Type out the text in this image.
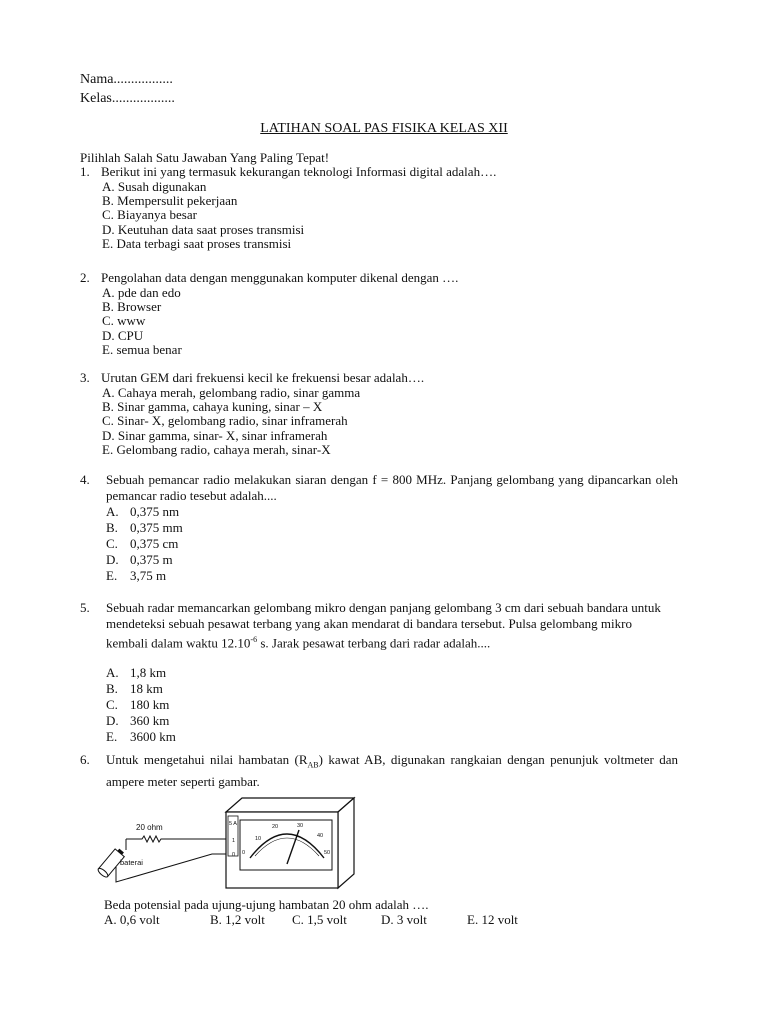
Nama.................
Kelas..................
LATIHAN SOAL PAS FISIKA KELAS XII
Pilihlah Salah Satu Jawaban Yang Paling Tepat!
1. Berikut ini yang termasuk kekurangan teknologi Informasi digital adalah….
A. Susah digunakan
B. Mempersulit pekerjaan
C. Biayanya besar
D. Keutuhan data saat proses transmisi
E. Data terbagi saat proses transmisi
2. Pengolahan data dengan menggunakan komputer dikenal dengan ….
A. pde dan edo
B. Browser
C. www
D. CPU
E. semua benar
3. Urutan GEM dari frekuensi kecil ke frekuensi besar adalah….
A. Cahaya merah, gelombang radio, sinar gamma
B. Sinar gamma, cahaya kuning, sinar – X
C. Sinar- X, gelombang radio, sinar inframerah
D. Sinar gamma, sinar- X, sinar inframerah
E. Gelombang radio, cahaya merah, sinar-X
4. Sebuah pemancar radio melakukan siaran dengan f = 800 MHz. Panjang gelombang yang dipancarkan oleh pemancar radio tesebut adalah....
A. 0,375 nm
B. 0,375 mm
C. 0,375 cm
D. 0,375 m
E. 3,75 m
5. Sebuah radar memancarkan gelombang mikro dengan panjang gelombang 3 cm dari sebuah bandara untuk mendeteksi sebuah pesawat terbang yang akan mendarat di bandara tersebut. Pulsa gelombang mikro kembali dalam waktu $12.10^{-6}$ s. Jarak pesawat terbang dari radar adalah....
A. 1,8 km
B. 18 km
C. 180 km
D. 360 km
E. 3600 km
6. Untuk mengetahui nilai hambatan $(R_{AB})$ kawat AB, digunakan rangkaian dengan penunjuk voltmeter dan ampere meter seperti gambar.
20 ohm
baterai
5 A
1
0
10
20	30
40
50
0
Beda potensial pada ujung-ujung hambatan 20 ohm adalah ….
A. 0,6 volt	B. 1,2 volt C. 1,5 volt	D. 3 volt	E. 12 volt
